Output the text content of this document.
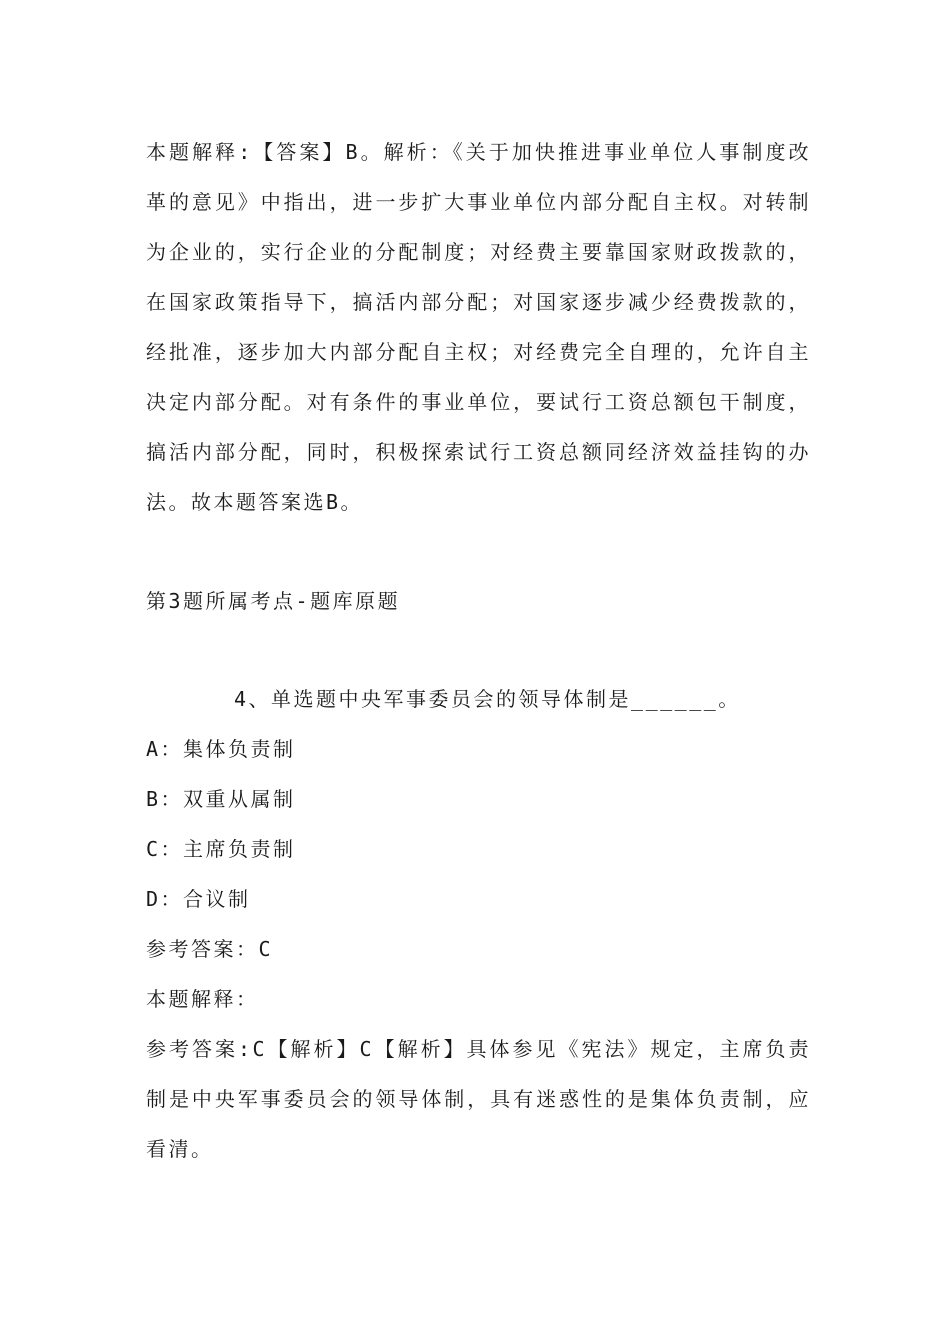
本题解释:【答案】B。解析：《关于加快推进事业单位人事制度改革的意见》中指出，进一步扩大事业单位内部分配自主权。对转制为企业的，实行企业的分配制度；对经费主要靠国家财政拨款的，在国家政策指导下，搞活内部分配；对国家逐步减少经费拨款的，经批准，逐步加大内部分配自主权；对经费完全自理的，允许自主决定内部分配。对有条件的事业单位，要试行工资总额包干制度，搞活内部分配，同时，积极探索试行工资总额同经济效益挂钩的办法。故本题答案选B。

第3题所属考点-题库原题

4、单选题中央军事委员会的领导体制是______。

A：集体负责制

B：双重从属制

C：主席负责制

D：合议制

参考答案：C

本题解释：

参考答案:C【解析】C【解析】具体参见《宪法》规定，主席负责制是中央军事委员会的领导体制，具有迷惑性的是集体负责制，应看清。
